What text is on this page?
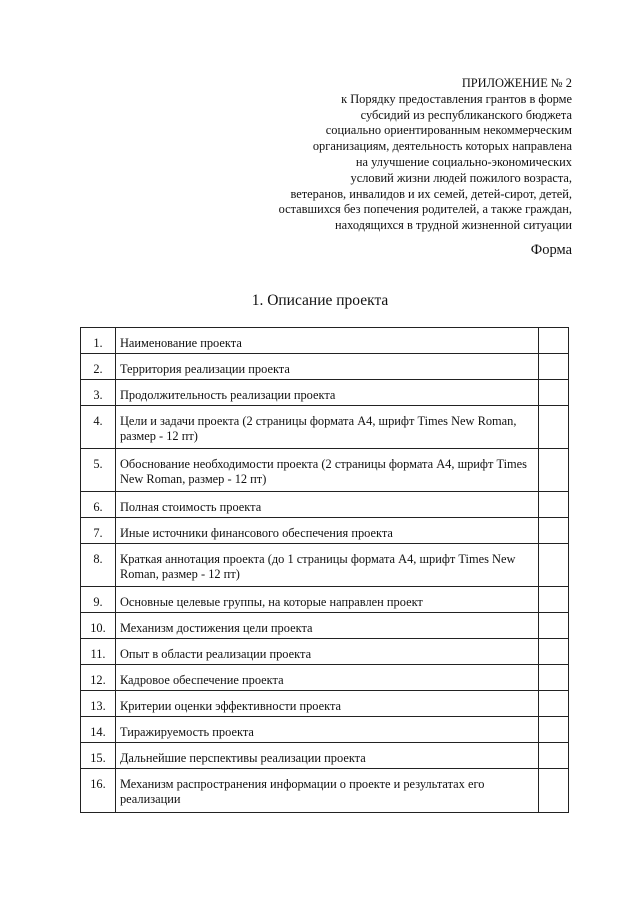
ПРИЛОЖЕНИЕ № 2
к Порядку предоставления грантов в форме
субсидий из республиканского бюджета
социально ориентированным некоммерческим
организациям, деятельность которых направлена
на улучшение социально-экономических
условий жизни людей пожилого возраста,
ветеранов, инвалидов и их семей, детей-сирот, детей,
оставшихся без попечения родителей, а также граждан,
находящихся в трудной жизненной ситуации
Форма
1. Описание проекта
1.	Наименование проекта	

2.	Территория реализации проекта	

3.	Продолжительность реализации проекта	

4.	Цели и задачи проекта (2 страницы формата А4, шрифт Times New Roman, размер - 12 пт)	

5.	Обоснование необходимости проекта (2 страницы формата А4, шрифт Times New Roman, размер - 12 пт)	

6.	Полная стоимость проекта	

7.	Иные источники финансового обеспечения проекта	

8.	Краткая аннотация проекта (до 1 страницы формата А4, шрифт Times New Roman, размер - 12 пт)	

9.	Основные целевые группы, на которые направлен проект	

10.	Механизм достижения цели проекта	

11.	Опыт в области реализации проекта	

12.	Кадровое обеспечение проекта	

13.	Критерии оценки эффективности проекта	

14.	Тиражируемость проекта	

15.	Дальнейшие перспективы реализации проекта	

16.	Механизм распространения информации о проекте и результатах его реализации	
